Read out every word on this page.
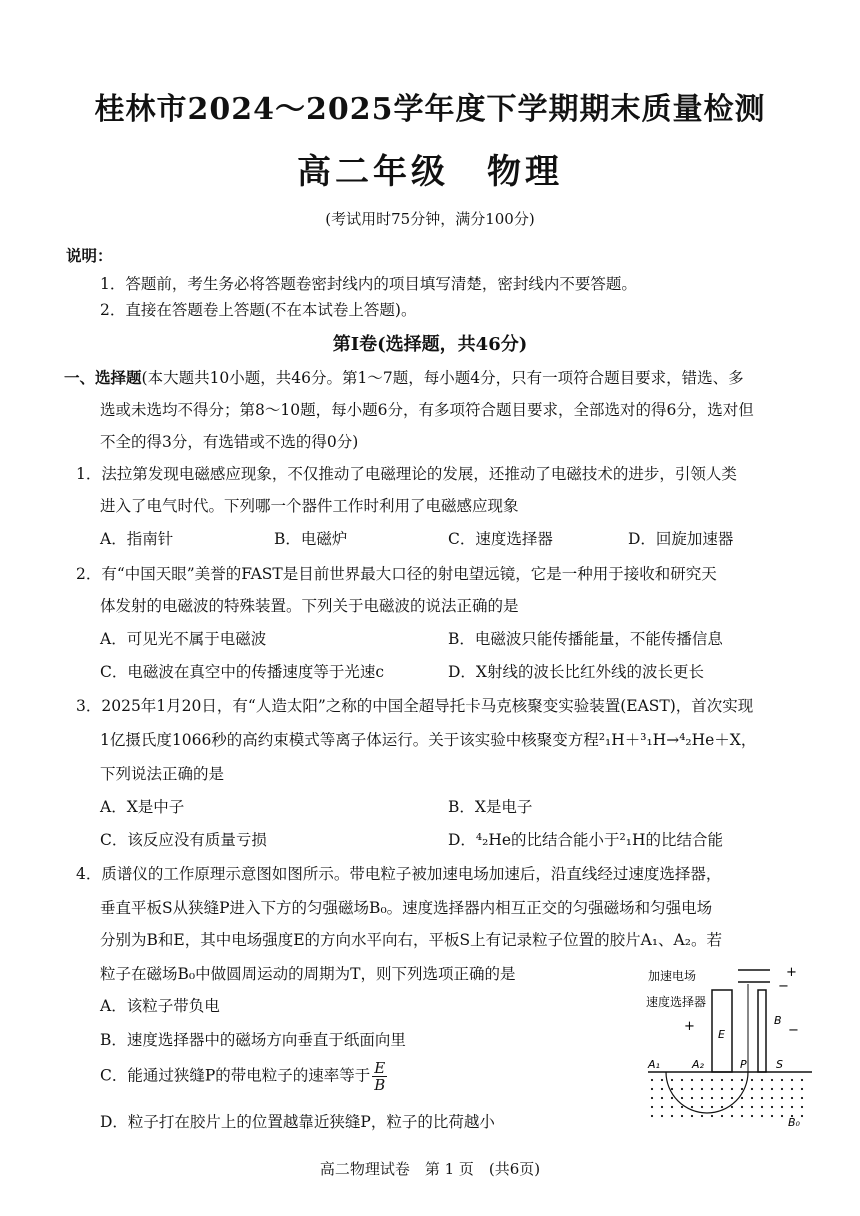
桂林市2024～2025学年度下学期期末质量检测
高二年级　物理
(考试用时75分钟，满分100分)
说明：
1．答题前，考生务必将答题卷密封线内的项目填写清楚，密封线内不要答题。
2．直接在答题卷上答题(不在本试卷上答题)。
第Ⅰ卷(选择题，共46分)
一、选择题(本大题共10小题，共46分。第1～7题，每小题4分，只有一项符合题目要求，错选、多
选或未选均不得分；第8～10题，每小题6分，有多项符合题目要求，全部选对的得6分，选对但
不全的得3分，有选错或不选的得0分)
1．法拉第发现电磁感应现象，不仅推动了电磁理论的发展，还推动了电磁技术的进步，引领人类
进入了电气时代。下列哪一个器件工作时利用了电磁感应现象
A．指南针	B．电磁炉	C．速度选择器	D．回旋加速器
2．有“中国天眼”美誉的FAST是目前世界最大口径的射电望远镜，它是一种用于接收和研究天
体发射的电磁波的特殊装置。下列关于电磁波的说法正确的是
A．可见光不属于电磁波	B．电磁波只能传播能量，不能传播信息
C．电磁波在真空中的传播速度等于光速c	D．X射线的波长比红外线的波长更长
3．2025年1月20日，有“人造太阳”之称的中国全超导托卡马克核聚变实验装置(EAST)，首次实现
1亿摄氏度1066秒的高约束模式等离子体运行。关于该实验中核聚变方程²₁H＋³₁H→⁴₂He＋X，
下列说法正确的是
A．X是中子	B．X是电子
C．该反应没有质量亏损	D．⁴₂He的比结合能小于²₁H的比结合能
4．质谱仪的工作原理示意图如图所示。带电粒子被加速电场加速后，沿直线经过速度选择器，
垂直平板S从狭缝P进入下方的匀强磁场B₀。速度选择器内相互正交的匀强磁场和匀强电场
分别为B和E，其中电场强度E的方向水平向右，平板S上有记录粒子位置的胶片A₁、A₂。若
粒子在磁场B₀中做圆周运动的周期为T，则下列选项正确的是
A．该粒子带负电
B．速度选择器中的磁场方向垂直于纸面向里
C．能通过狭缝P的带电粒子的速率等于 $\frac{E}{B}$
D．粒子打在胶片上的位置越靠近狭缝P，粒子的比荷越小
加速电场
速度选择器
+
−
+
E
B
−
A₁	A₂	P	S
B₀
高二物理试卷　第 1 页　(共6页)
